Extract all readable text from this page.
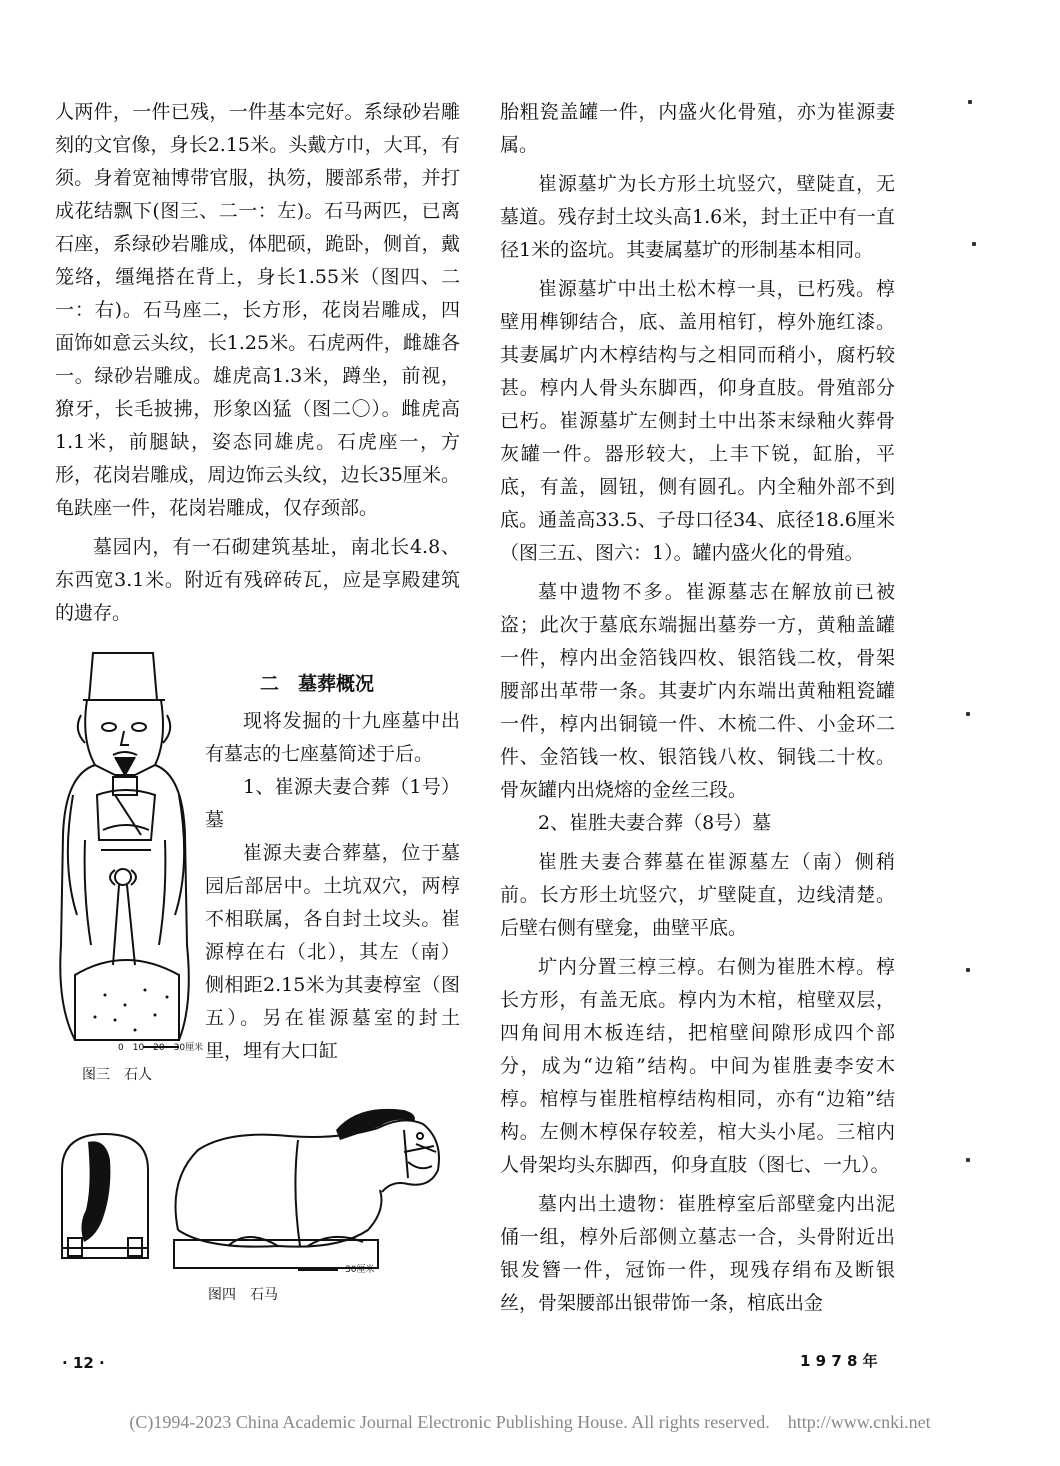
人两件，一件已残，一件基本完好。系绿砂岩雕刻的文官像，身长2.15米。头戴方巾，大耳，有须。身着宽袖博带官服，执笏，腰部系带，并打成花结飘下(图三、二一：左)。石马两匹，已离石座，系绿砂岩雕成，体肥硕，跪卧，侧首，戴笼络，缰绳搭在背上，身长1.55米（图四、二一：右)。石马座二，长方形，花岗岩雕成，四面饰如意云头纹，长1.25米。石虎两件，雌雄各一。绿砂岩雕成。雄虎高1.3米，蹲坐，前视，獠牙，长毛披拂，形象凶猛（图二〇）。雌虎高1.1米，前腿缺，姿态同雄虎。石虎座一，方形，花岗岩雕成，周边饰云头纹，边长35厘米。龟趺座一件，花岗岩雕成，仅存颈部。

墓园内，有一石砌建筑基址，南北长4.8、东西宽3.1米。附近有残碎砖瓦，应是享殿建筑的遗存。

二　墓葬概况

现将发掘的十九座墓中出有墓志的七座墓简述于后。

1、崔源夫妻合葬（1号）墓

崔源夫妻合葬墓，位于墓园后部居中。土坑双穴，两椁不相联属，各自封土坟头。崔源椁在右（北），其左（南）侧相距2.15米为其妻椁室（图五）。另在崔源墓室的封土里，埋有大口缸

0　10　20　30厘米
图三　石人
30厘米
图四　石马

胎粗瓷盖罐一件，内盛火化骨殖，亦为崔源妻属。

崔源墓圹为长方形土坑竖穴，壁陡直，无墓道。残存封土坟头高1.6米，封土正中有一直径1米的盗坑。其妻属墓圹的形制基本相同。

崔源墓圹中出土松木椁一具，已朽残。椁壁用榫铆结合，底、盖用棺钉，椁外施红漆。其妻属圹内木椁结构与之相同而稍小，腐朽较甚。椁内人骨头东脚西，仰身直肢。骨殖部分已朽。崔源墓圹左侧封土中出茶末绿釉火葬骨灰罐一件。器形较大，上丰下锐，缸胎，平底，有盖，圆钮，侧有圆孔。内全釉外部不到底。通盖高33.5、子母口径34、底径18.6厘米（图三五、图六：1）。罐内盛火化的骨殖。

墓中遗物不多。崔源墓志在解放前已被盗；此次于墓底东端掘出墓券一方，黄釉盖罐一件，椁内出金箔钱四枚、银箔钱二枚，骨架腰部出革带一条。其妻圹内东端出黄釉粗瓷罐一件，椁内出铜镜一件、木梳二件、小金环二件、金箔钱一枚、银箔钱八枚、铜钱二十枚。骨灰罐内出烧熔的金丝三段。

2、崔胜夫妻合葬（8号）墓

崔胜夫妻合葬墓在崔源墓左（南）侧稍前。长方形土坑竖穴，圹壁陡直，边线清楚。后壁右侧有壁龛，曲壁平底。

圹内分置三椁三椁。右侧为崔胜木椁。椁长方形，有盖无底。椁内为木棺，棺壁双层，四角间用木板连结，把棺壁间隙形成四个部分，成为“边箱”结构。中间为崔胜妻李安木椁。棺椁与崔胜棺椁结构相同，亦有“边箱”结构。左侧木椁保存较差，棺大头小尾。三棺内人骨架均头东脚西，仰身直肢（图七、一九）。

墓内出土遗物：崔胜椁室后部壁龛内出泥俑一组，椁外后部侧立墓志一合，头骨附近出银发簪一件，冠饰一件，现残存绢布及断银丝，骨架腰部出银带饰一条，棺底出金

· 12 ·	1 9 7 8 年
(C)1994-2023 China Academic Journal Electronic Publishing House. All rights reserved.　http://www.cnki.net
